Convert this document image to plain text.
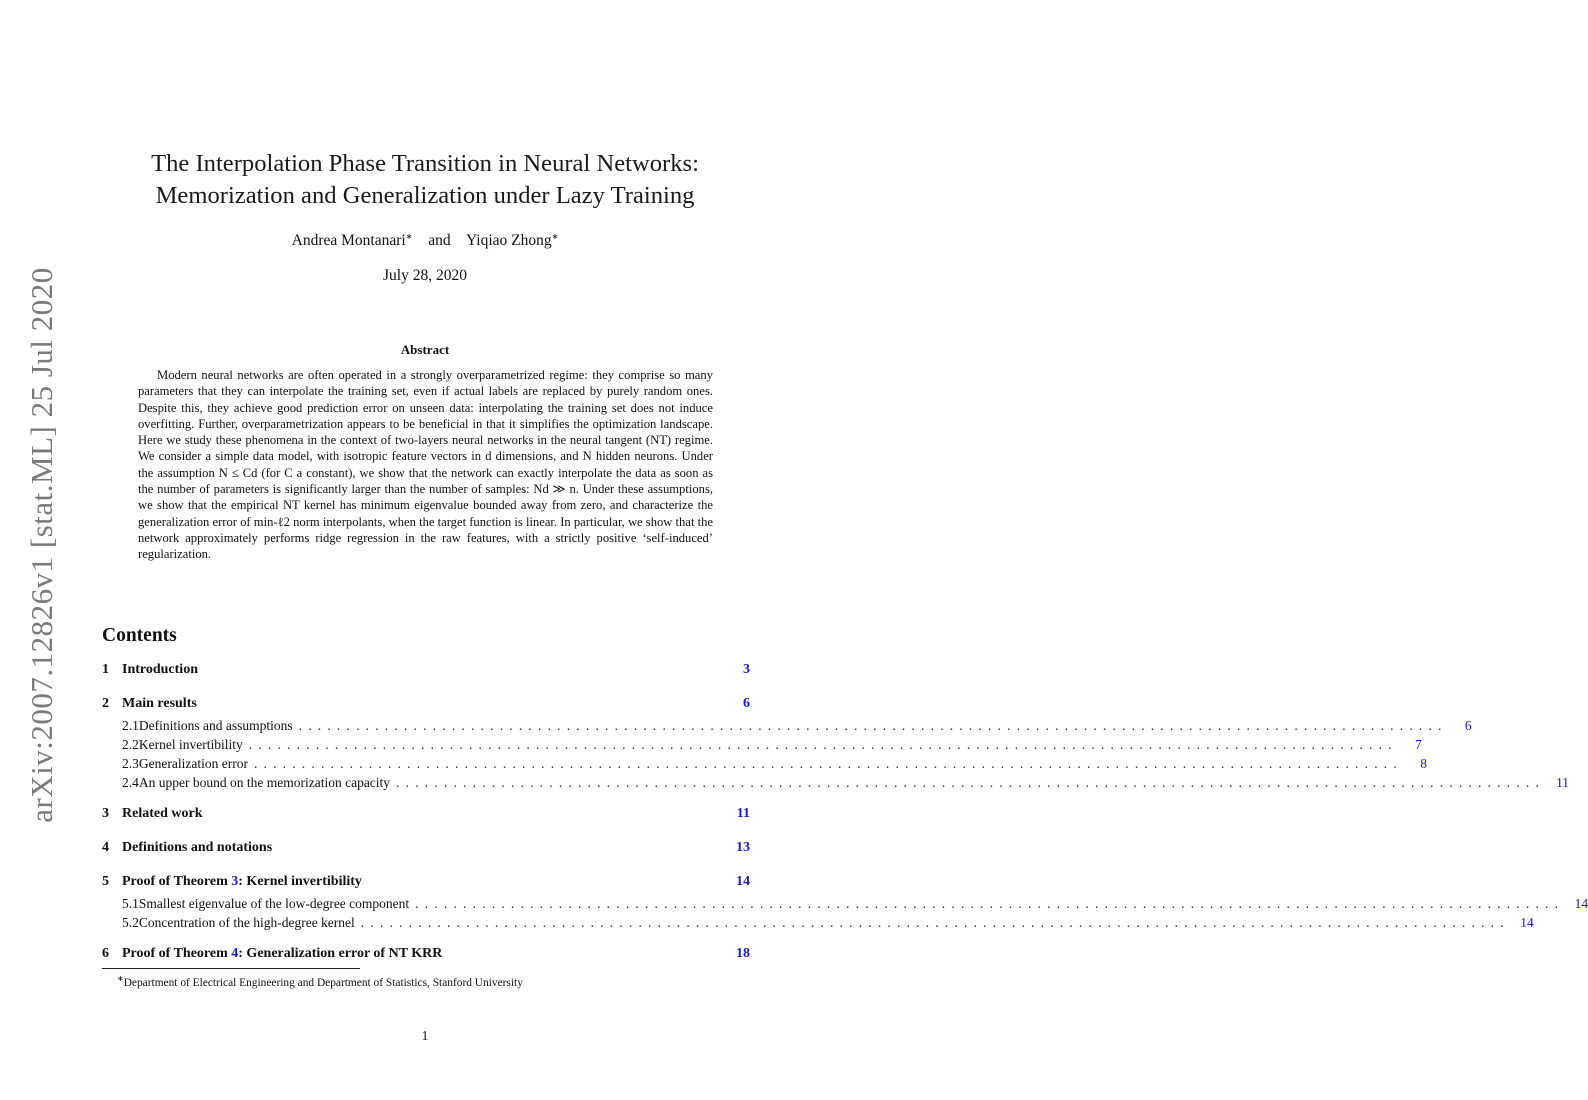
arXiv:2007.12826v1 [stat.ML] 25 Jul 2020
The Interpolation Phase Transition in Neural Networks:
Memorization and Generalization under Lazy Training
Andrea Montanari∗ and Yiqiao Zhong∗
July 28, 2020
Abstract

Modern neural networks are often operated in a strongly overparametrized regime: they comprise so many parameters that they can interpolate the training set, even if actual labels are replaced by purely random ones. Despite this, they achieve good prediction error on unseen data: interpolating the training set does not induce overfitting. Further, overparametrization appears to be beneficial in that it simplifies the optimization landscape. Here we study these phenomena in the context of two-layers neural networks in the neural tangent (NT) regime. We consider a simple data model, with isotropic feature vectors in d dimensions, and N hidden neurons. Under the assumption N ≤ Cd (for C a constant), we show that the network can exactly interpolate the data as soon as the number of parameters is significantly larger than the number of samples: Nd ≫ n. Under these assumptions, we show that the empirical NT kernel has minimum eigenvalue bounded away from zero, and characterize the generalization error of min-ℓ2 norm interpolants, when the target function is linear. In particular, we show that the network approximately performs ridge regression in the raw features, with a strictly positive ‘self-induced’ regularization.

Contents
1 Introduction	3
2 Main results	6
2.1 Definitions and assumptions ........................................................................................................................	6
2.2 Kernel invertibility ........................................................................................................................	7
2.3 Generalization error ........................................................................................................................	8
2.4 An upper bound on the memorization capacity ........................................................................................................................ 11
3 Related work	11
4 Definitions and notations	13
5 Proof of Theorem 3: Kernel invertibility	14
5.1 Smallest eigenvalue of the low-degree component ........................................................................................................................ 14
5.2 Concentration of the high-degree kernel ........................................................................................................................ 14
6 Proof of Theorem 4: Generalization error of NT KRR	18
∗Department of Electrical Engineering and Department of Statistics, Stanford University
1
